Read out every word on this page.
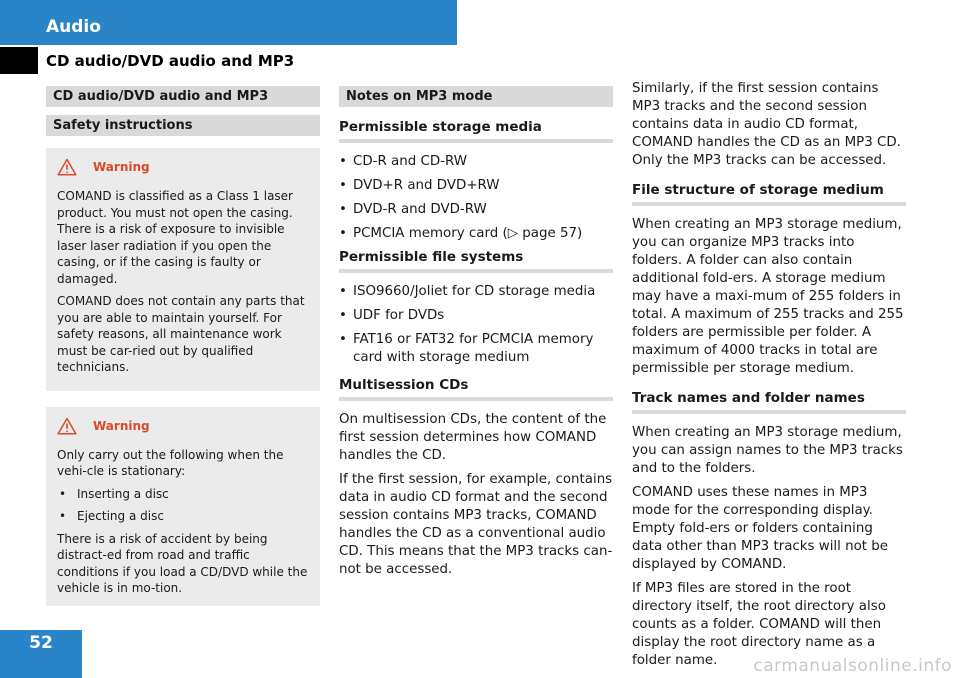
Audio
CD audio/DVD audio and MP3
CD audio/DVD audio and MP3
Safety instructions
Warning

COMAND is classified as a Class 1 laser product. You must not open the casing. There is a risk of exposure to invisible laser laser radiation if you open the casing, or if the casing is faulty or damaged.

COMAND does not contain any parts that you are able to maintain yourself. For safety reasons, all maintenance work must be car-ried out by qualified technicians.

Warning

Only carry out the following when the vehi-cle is stationary:

• Inserting a disc
• Ejecting a disc

There is a risk of accident by being distract-ed from road and traffic conditions if you load a CD/DVD while the vehicle is in mo-tion.

Notes on MP3 mode
Permissible storage media
• CD-R and CD-RW
• DVD+R and DVD+RW
• DVD-R and DVD-RW
• PCMCIA memory card (▷ page 57)
Permissible file systems
• ISO9660/Joliet for CD storage media
• UDF for DVDs
• FAT16 or FAT32 for PCMCIA memory card with storage medium
Multisession CDs

On multisession CDs, the content of the first session determines how COMAND handles the CD.

If the first session, for example, contains data in audio CD format and the second session contains MP3 tracks, COMAND handles the CD as a conventional audio CD. This means that the MP3 tracks can-not be accessed.

Similarly, if the first session contains MP3 tracks and the second session contains data in audio CD format, COMAND handles the CD as an MP3 CD. Only the MP3 tracks can be accessed.

File structure of storage medium

When creating an MP3 storage medium, you can organize MP3 tracks into folders. A folder can also contain additional fold-ers. A storage medium may have a maxi-mum of 255 folders in total. A maximum of 255 tracks and 255 folders are permissible per folder. A maximum of 4000 tracks in total are permissible per storage medium.

Track names and folder names

When creating an MP3 storage medium, you can assign names to the MP3 tracks and to the folders.

COMAND uses these names in MP3 mode for the corresponding display. Empty fold-ers or folders containing data other than MP3 tracks will not be displayed by COMAND.

If MP3 files are stored in the root directory itself, the root directory also counts as a folder. COMAND will then display the root directory name as a folder name.

52
carmanualsonline.info
